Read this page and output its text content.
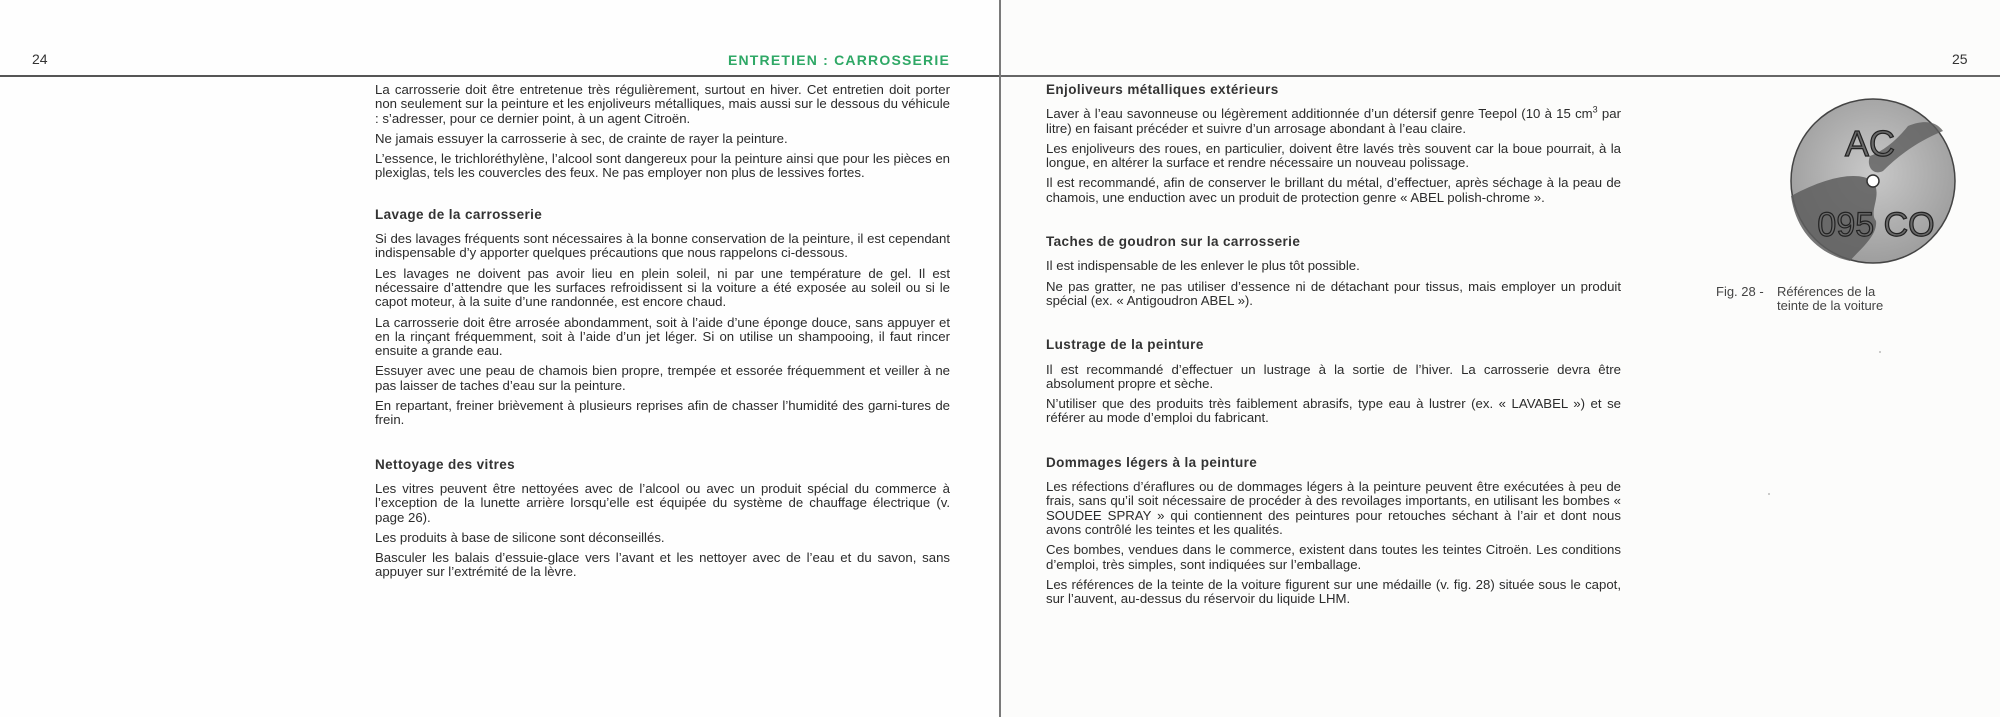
24	ENTRETIEN : CARROSSERIE	25

La carrosserie doit être entretenue très régulièrement, surtout en hiver. Cet entretien doit porter non seulement sur la peinture et les enjoliveurs métalliques, mais aussi sur le dessous du véhicule : s’adresser, pour ce dernier point, à un agent Citroën.

Ne jamais essuyer la carrosserie à sec, de crainte de rayer la peinture.

L’essence, le trichloréthylène, l’alcool sont dangereux pour la peinture ainsi que pour les pièces en plexiglas, tels les couvercles des feux. Ne pas employer non plus de lessives fortes.

Lavage de la carrosserie

Si des lavages fréquents sont nécessaires à la bonne conservation de la peinture, il est cependant indispensable d’y apporter quelques précautions que nous rappelons ci-dessous.

Les lavages ne doivent pas avoir lieu en plein soleil, ni par une température de gel. Il est nécessaire d’attendre que les surfaces refroidissent si la voiture a été exposée au soleil ou si le capot moteur, à la suite d’une randonnée, est encore chaud.

La carrosserie doit être arrosée abondamment, soit à l’aide d’une éponge douce, sans appuyer et en la rinçant fréquemment, soit à l’aide d’un jet léger. Si on utilise un shampooing, il faut rincer ensuite a grande eau.

Essuyer avec une peau de chamois bien propre, trempée et essorée fréquemment et veiller à ne pas laisser de taches d’eau sur la peinture.

En repartant, freiner brièvement à plusieurs reprises afin de chasser l’humidité des garni-tures de frein.

Nettoyage des vitres

Les vitres peuvent être nettoyées avec de l’alcool ou avec un produit spécial du commerce à l’exception de la lunette arrière lorsqu’elle est équipée du système de chauffage électrique (v. page 26).

Les produits à base de silicone sont déconseillés.

Basculer les balais d’essuie-glace vers l’avant et les nettoyer avec de l’eau et du savon, sans appuyer sur l’extrémité de la lèvre.

Enjoliveurs métalliques extérieurs

Laver à l’eau savonneuse ou légèrement additionnée d’un détersif genre Teepol (10 à 15 $cm^3$ par litre) en faisant précéder et suivre d’un arrosage abondant à l’eau claire.

Les enjoliveurs des roues, en particulier, doivent être lavés très souvent car la boue pourrait, à la longue, en altérer la surface et rendre nécessaire un nouveau polissage.

Il est recommandé, afin de conserver le brillant du métal, d’effectuer, après séchage à la peau de chamois, une enduction avec un produit de protection genre « ABEL polish-chrome ».

Taches de goudron sur la carrosserie

Il est indispensable de les enlever le plus tôt possible.

Ne pas gratter, ne pas utiliser d’essence ni de détachant pour tissus, mais employer un produit spécial (ex. « Antigoudron ABEL »).

Lustrage de la peinture

Il est recommandé d’effectuer un lustrage à la sortie de l’hiver. La carrosserie devra être absolument propre et sèche.

N’utiliser que des produits très faiblement abrasifs, type eau à lustrer (ex. « LAVABEL ») et se référer au mode d’emploi du fabricant.

Dommages légers à la peinture

Les réfections d’éraflures ou de dommages légers à la peinture peuvent être exécutées à peu de frais, sans qu’il soit nécessaire de procéder à des revoilages importants, en utilisant les bombes « SOUDEE SPRAY » qui contiennent des peintures pour retouches séchant à l’air et dont nous avons contrôlé les teintes et les qualités.

Ces bombes, vendues dans le commerce, existent dans toutes les teintes Citroën. Les conditions d’emploi, très simples, sont indiquées sur l’emballage.

Les références de la teinte de la voiture figurent sur une médaille (v. fig. 28) située sous le capot, sur l’auvent, au-dessus du réservoir du liquide LHM.

AC
095 CO
Fig. 28 - Références de la
teinte de la voiture
